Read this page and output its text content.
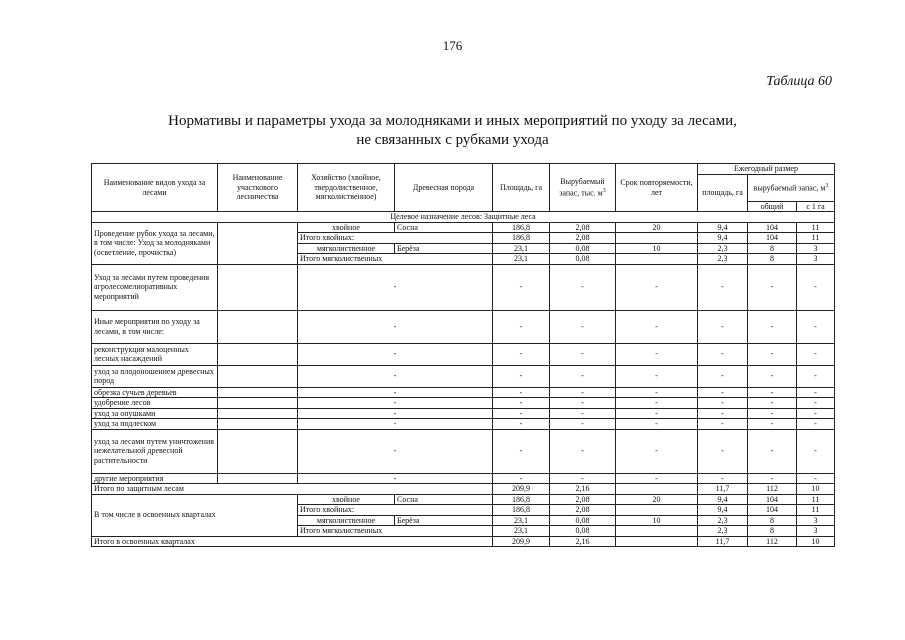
176
Таблица 60
Нормативы и параметры ухода за молодняками и иных мероприятий по уходу за лесами,
не связанных с рубками ухода
Наименование видов ухода за лесами	Наименование участкового лесничества	Хозяйство (хвойное, твердолиственное, мягколиственное)	Древесная порода	Площадь, га	Вырубаемый запас, тыс. $м^3$	Срок повторяемости, лет	Ежегодный размер		
							площадь, га	вырубаемый запас, $м^3$
								общий	с 1 га
Целевое назначение лесов: Защитные леса									
Проведение рубок ухода за лесами, в том числе: Уход за молодняками (осветление, прочистка)		хвойное	Сосна	186,8	2,08	20	9,4	104	11
		Итого хвойных:		186,8	2,08		9,4	104	11
		мягколиственное	Берёза	23,1	0,08	10	2,3	8	3
		Итого мягколиственных		23,1	0,08		2,3	8	3
Уход за лесами путем проведения агролесомелиоративных мероприятий		-		-	-	-	-	-	-
Иные мероприятия по уходу за лесами, в том числе:		-		-	-	-	-	-	-
реконструкция малоценных лесных насаждений		-		-	-	-	-	-	-
уход за плодоношением древесных пород		-		-	-	-	-	-	-
обрезка сучьев деревьев		-		-	-	-	-	-	-
удобрение лесов		-		-	-	-	-	-	-
уход за опушками		-		-	-	-	-	-	-
уход за подлеском		-		-	-	-	-	-	-
уход за лесами путем уничтожения нежелательной древесной растительности		-		-	-	-	-	-	-
другие мероприятия		-		-	-	-	-	-	-
Итого по защитным лесам				209,9	2,16		11,7	112	10
В том числе в освоенных кварталах		хвойное	Сосна	186,8	2,08	20	9,4	104	11
		Итого хвойных:		186,8	2,08		9,4	104	11
		мягколиственное	Берёза	23,1	0,08	10	2,3	8	3
		Итого мягколиственных		23,1	0,08		2,3	8	3
Итого в освоенных кварталах				209,9	2,16		11,7	112	10
